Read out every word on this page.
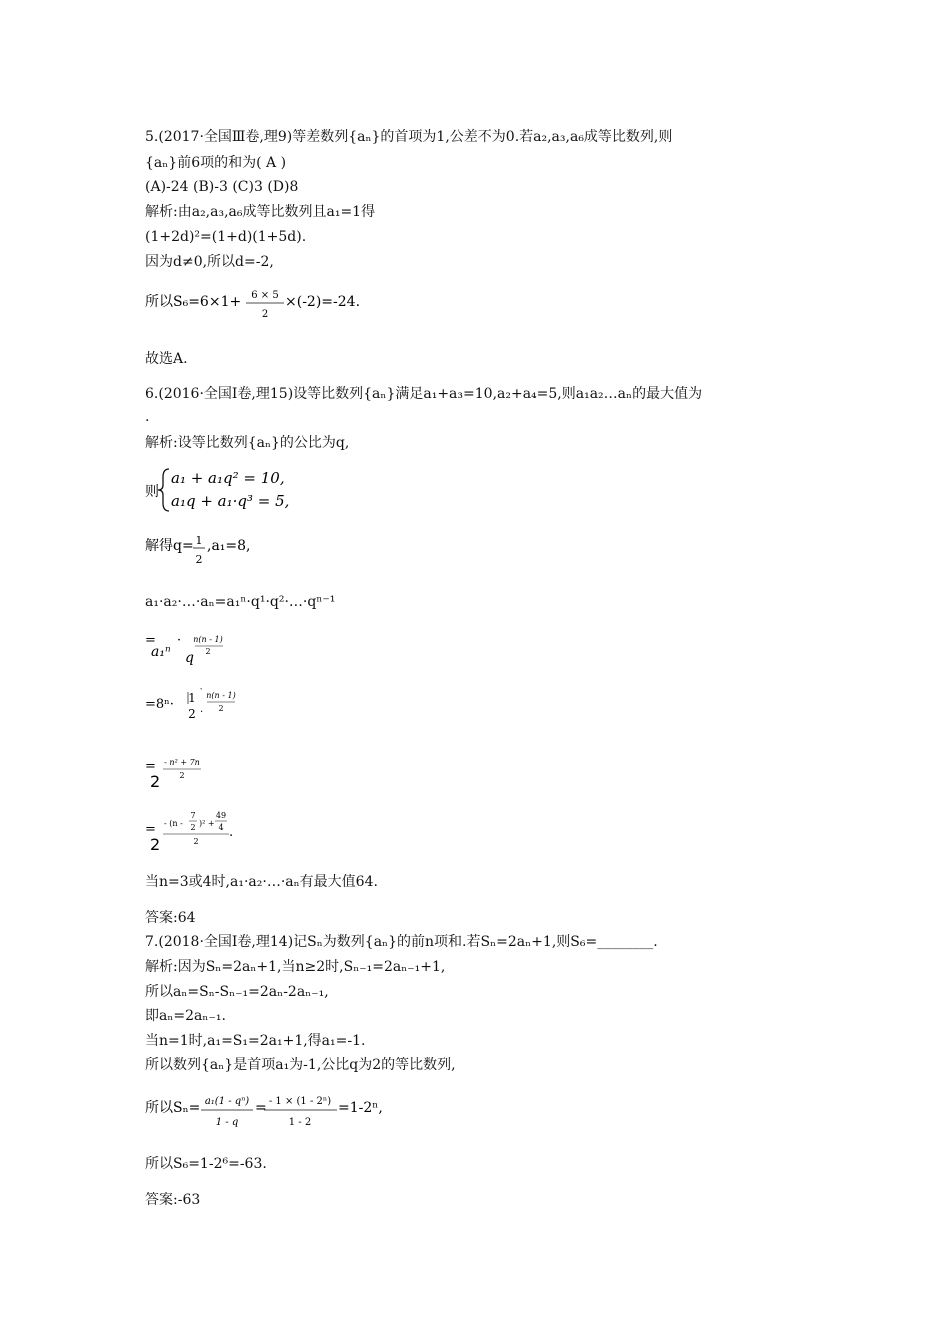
5.(2017·全国Ⅲ卷,理9)等差数列{aₙ}的首项为1,公差不为0.若a₂,a₃,a₆成等比数列,则
{aₙ}前6项的和为( A )
(A)-24 (B)-3 (C)3 (D)8
解析:由a₂,a₃,a₆成等比数列且a₁=1得
(1+2d)²=(1+d)(1+5d).
因为d≠0,所以d=-2,
所以S₆=6×1+ 6 × 5
2
×(-2)=-24.
故选A.
6.(2016·全国Ⅰ卷,理15)设等比数列{aₙ}满足a₁+a₃=10,a₂+a₄=5,则a₁a₂…aₙ的最大值为
.
解析:设等比数列{aₙ}的公比为q,
则
a₁ + a₁q² = 10,
a₁q + a₁·q³ = 5,
解得q= 1
2
,a₁=8,
a₁·a₂·…·aₙ=a₁ⁿ·q¹·q²·…·qⁿ⁻¹
=
a₁ⁿ
·
q
n(n - 1)
2
=8ⁿ· 1
2
`
.
n(n - 1)
2
=
2
- n² + 7n
2
=
2
- (n -
7
2 )² +
49
4
2
.
当n=3或4时,a₁·a₂·…·aₙ有最大值64.
答案:64
7.(2018·全国Ⅰ卷,理14)记Sₙ为数列{aₙ}的前n项和.若Sₙ=2aₙ+1,则S₆=________.
解析:因为Sₙ=2aₙ+1,当n≥2时,Sₙ₋₁=2aₙ₋₁+1,
所以aₙ=Sₙ-Sₙ₋₁=2aₙ-2aₙ₋₁,
即aₙ=2aₙ₋₁.
当n=1时,a₁=S₁=2a₁+1,得a₁=-1.
所以数列{aₙ}是首项a₁为-1,公比q为2的等比数列,
所以Sₙ= a₁(1 - qⁿ)
1 - q
= - 1 × (1 - 2ⁿ)
1 - 2
=1-2ⁿ,
所以S₆=1-2⁶=-63.
答案:-63
